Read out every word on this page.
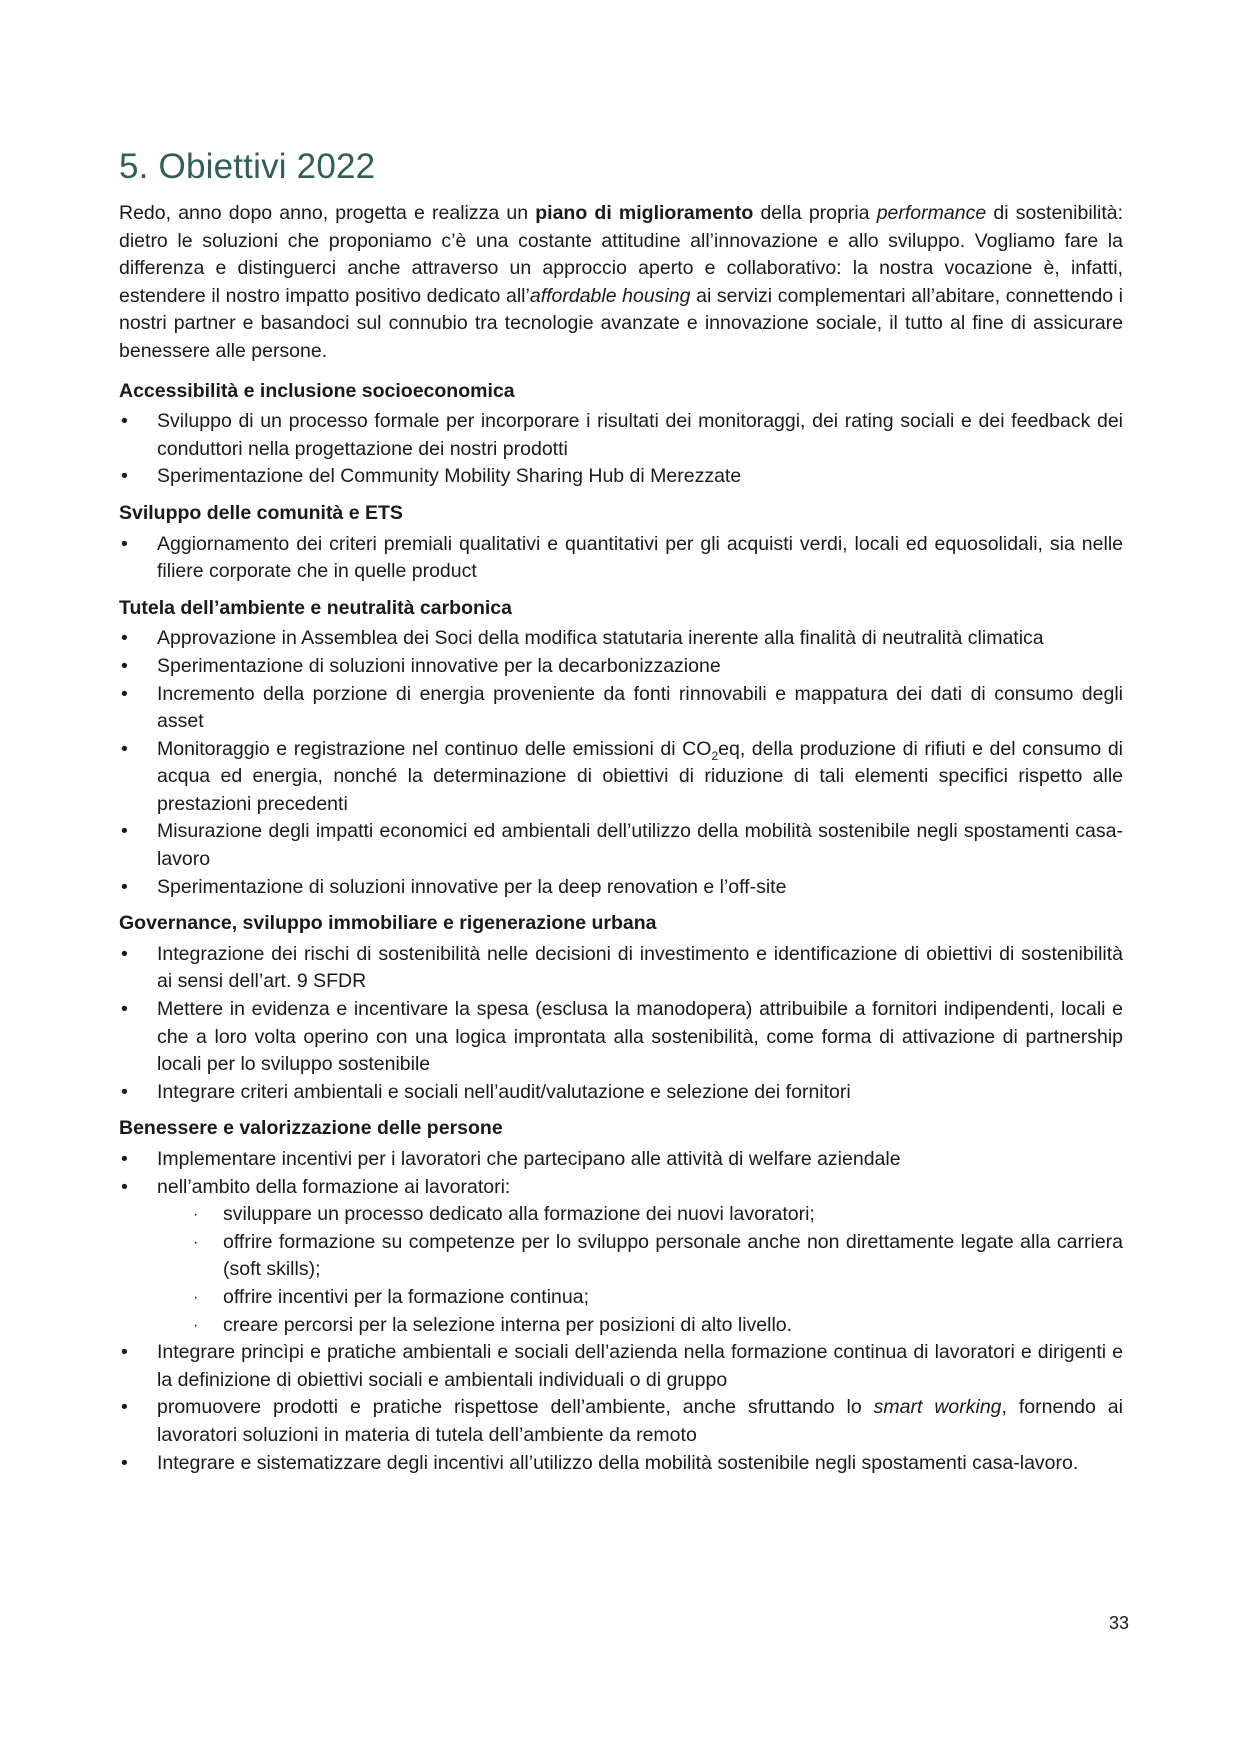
5. Obiettivi 2022

Redo, anno dopo anno, progetta e realizza un piano di miglioramento della propria performance di sostenibilità: dietro le soluzioni che proponiamo c’è una costante attitudine all’innovazione e allo sviluppo. Vogliamo fare la differenza e distinguerci anche attraverso un approccio aperto e collaborativo: la nostra vocazione è, infatti, estendere il nostro impatto positivo dedicato all’affordable housing ai servizi complementari all’abitare, connettendo i nostri partner e basandoci sul connubio tra tecnologie avanzate e innovazione sociale, il tutto al fine di assicurare benessere alle persone.

Accessibilità e inclusione socioeconomica
• Sviluppo di un processo formale per incorporare i risultati dei monitoraggi, dei rating sociali e dei feedback dei conduttori nella progettazione dei nostri prodotti
• Sperimentazione del Community Mobility Sharing Hub di Merezzate
Sviluppo delle comunità e ETS
• Aggiornamento dei criteri premiali qualitativi e quantitativi per gli acquisti verdi, locali ed equosolidali, sia nelle filiere corporate che in quelle product
Tutela dell’ambiente e neutralità carbonica
• Approvazione in Assemblea dei Soci della modifica statutaria inerente alla finalità di neutralità climatica
• Sperimentazione di soluzioni innovative per la decarbonizzazione
• Incremento della porzione di energia proveniente da fonti rinnovabili e mappatura dei dati di consumo degli asset
• Monitoraggio e registrazione nel continuo delle emissioni di $CO_2eq$, della produzione di rifiuti e del consumo di acqua ed energia, nonché la determinazione di obiettivi di riduzione di tali elementi specifici rispetto alle prestazioni precedenti
• Misurazione degli impatti economici ed ambientali dell’utilizzo della mobilità sostenibile negli spostamenti casa-lavoro
• Sperimentazione di soluzioni innovative per la deep renovation e l’off-site
Governance, sviluppo immobiliare e rigenerazione urbana
• Integrazione dei rischi di sostenibilità nelle decisioni di investimento e identificazione di obiettivi di sostenibilità ai sensi dell’art. 9 SFDR
• Mettere in evidenza e incentivare la spesa (esclusa la manodopera) attribuibile a fornitori indipendenti, locali e che a loro volta operino con una logica improntata alla sostenibilità, come forma di attivazione di partnership locali per lo sviluppo sostenibile
• Integrare criteri ambientali e sociali nell’audit/valutazione e selezione dei fornitori
Benessere e valorizzazione delle persone
• Implementare incentivi per i lavoratori che partecipano alle attività di welfare aziendale
• nell’ambito della formazione ai lavoratori:
· sviluppare un processo dedicato alla formazione dei nuovi lavoratori;
· offrire formazione su competenze per lo sviluppo personale anche non direttamente legate alla carriera (soft skills);
· offrire incentivi per la formazione continua;
· creare percorsi per la selezione interna per posizioni di alto livello.
• Integrare princìpi e pratiche ambientali e sociali dell’azienda nella formazione continua di lavoratori e dirigenti e la definizione di obiettivi sociali e ambientali individuali o di gruppo
• promuovere prodotti e pratiche rispettose dell’ambiente, anche sfruttando lo smart working, fornendo ai lavoratori soluzioni in materia di tutela dell’ambiente da remoto
• Integrare e sistematizzare degli incentivi all’utilizzo della mobilità sostenibile negli spostamenti casa-lavoro.
33
